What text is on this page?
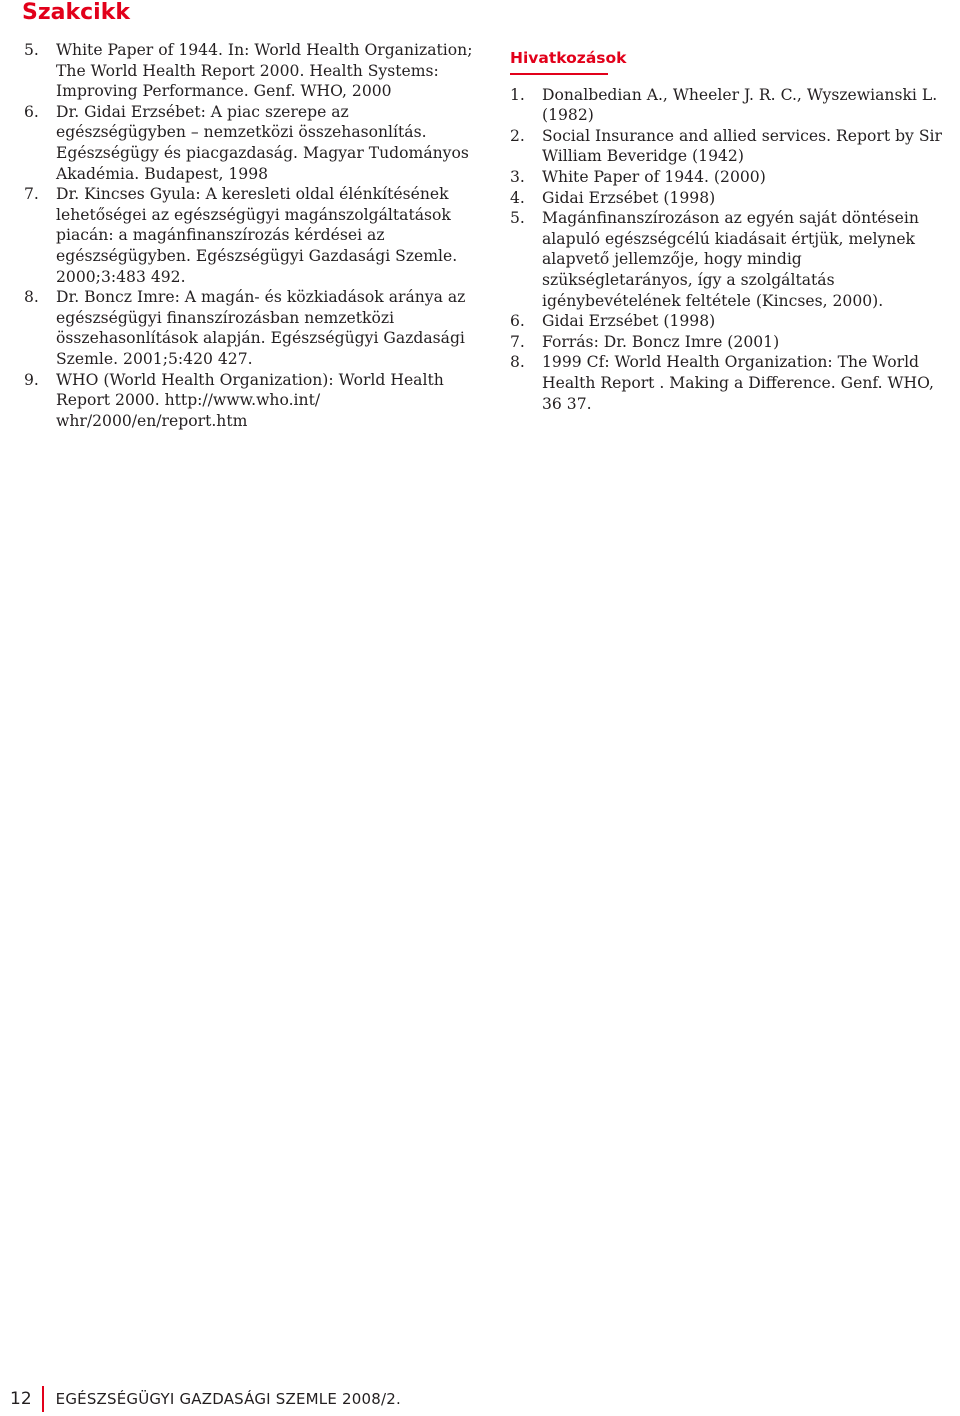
Szakcikk
5. White Paper of 1944. In: World Health Organization; The World Health Report 2000. Health Systems: Improving Performance. Genf. WHO, 2000
6. Dr. Gidai Erzsébet: A piac szerepe az egészségügyben – nemzetközi összehasonlítás. Egészségügy és piacgazdaság. Magyar Tudományos Akadémia. Budapest, 1998
7. Dr. Kincses Gyula: A keresleti oldal élénkítésének lehetőségei az egészségügyi magánszolgáltatások piacán: a magánfinanszírozás kérdései az egészségügyben. Egészségügyi Gazdasági Szemle. 2000;3:483 492.
8. Dr. Boncz Imre: A magán- és közkiadások aránya az egészségügyi finanszírozásban nemzetközi összehasonlítások alapján. Egészségügyi Gazdasági Szemle. 2001;5:420 427.
9. WHO (World Health Organization): World Health Report 2000. http://www.who.int/ whr/2000/en/report.htm
Hivatkozások
1. Donalbedian A., Wheeler J. R. C., Wyszewianski L. (1982)
2. Social Insurance and allied services. Report by Sir William Beveridge (1942)
3. White Paper of 1944. (2000)
4. Gidai Erzsébet (1998)
5. Magánfinanszírozáson az egyén saját döntésein alapuló egészségcélú kiadásait értjük, melynek alapvető jellemzője, hogy mindig szükségletarányos, így a szolgáltatás igénybevételének feltétele (Kincses, 2000).
6. Gidai Erzsébet (1998)
7. Forrás: Dr. Boncz Imre (2001)
8. 1999 Cf: World Health Organization: The World Health Report . Making a Difference. Genf. WHO, 36 37.
12 EGÉSZSÉGÜGYI GAZDASÁGI SZEMLE 2008/2.
